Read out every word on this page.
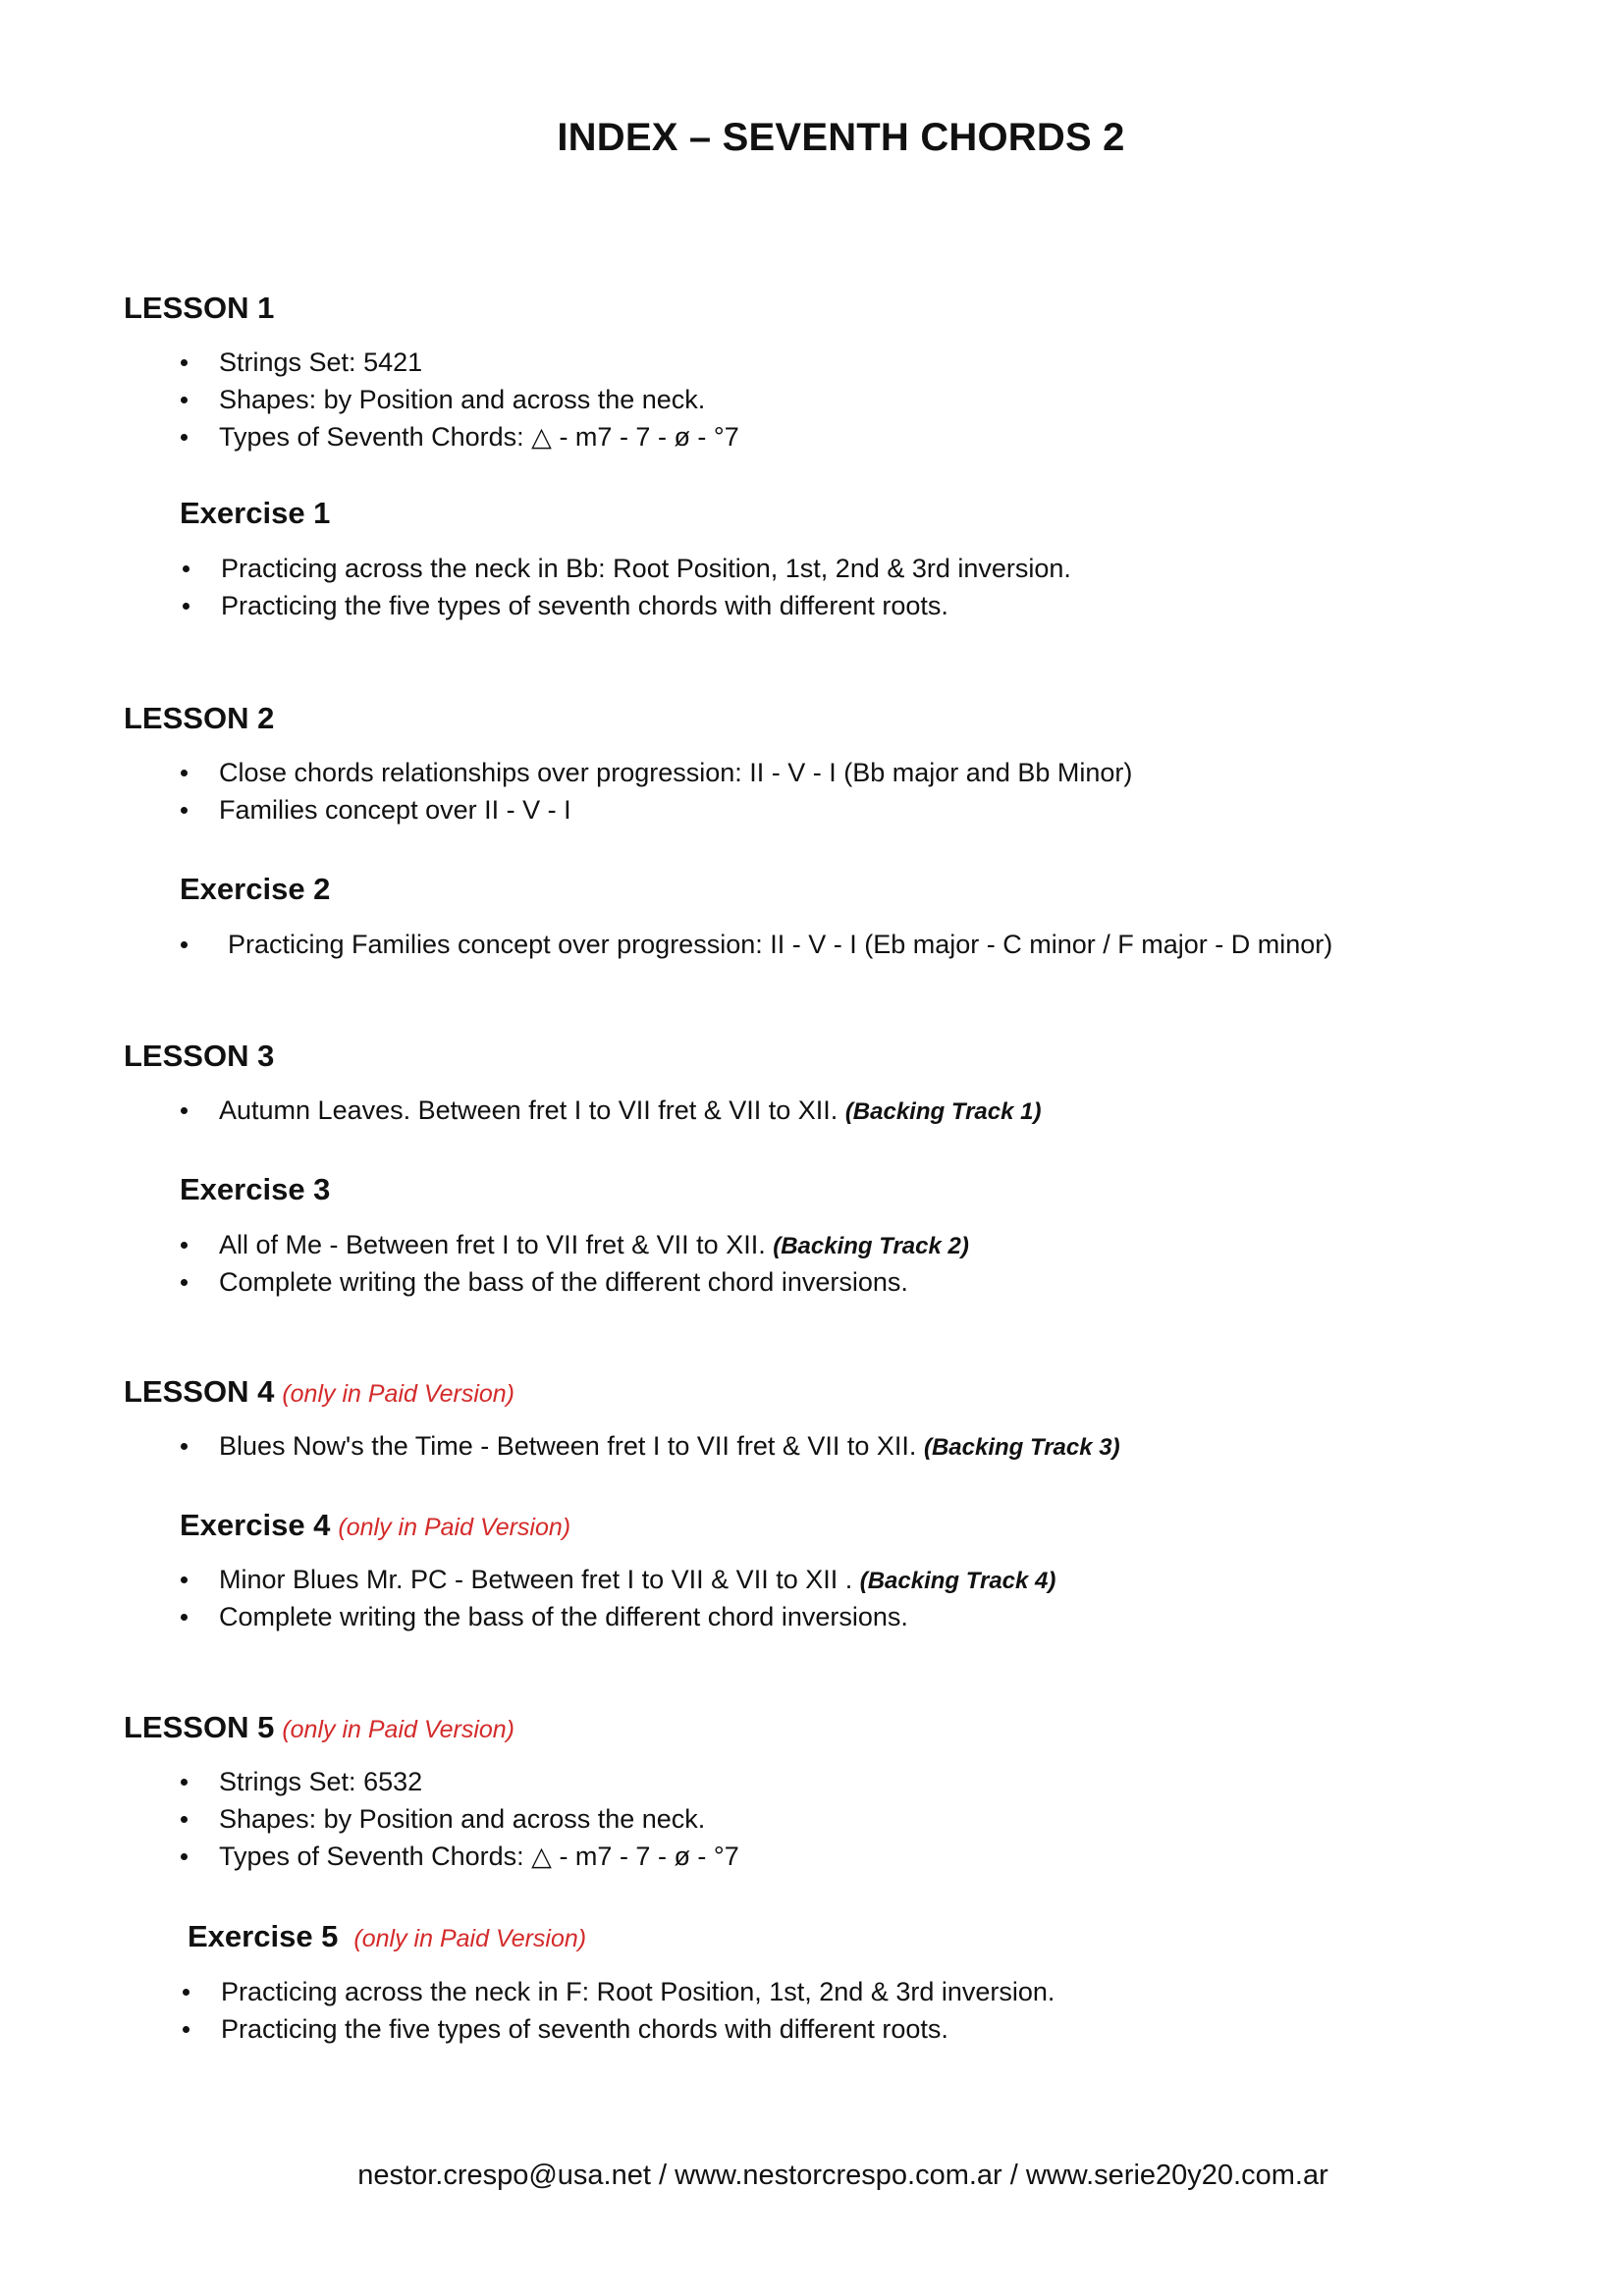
INDEX – SEVENTH CHORDS 2
LESSON 1
Strings Set: 5421
Shapes: by Position and across the neck.
Types of Seventh Chords: △ - m7 - 7 - ø - °7
Exercise 1
Practicing across the neck in Bb: Root Position, 1st, 2nd & 3rd inversion.
Practicing the five types of seventh chords with different roots.
LESSON 2
Close chords relationships over progression: II - V - I (Bb major and Bb Minor)
Families concept over II - V - I
Exercise 2
Practicing Families concept over progression: II - V - I (Eb major - C minor / F major - D minor)
LESSON 3
Autumn Leaves. Between fret I to VII fret & VII to XII. (Backing Track 1)
Exercise 3
All of Me - Between fret I to VII fret & VII to XII. (Backing Track 2)
Complete writing the bass of the different chord inversions.
LESSON 4 (only in Paid Version)
Blues Now's the Time - Between fret I to VII fret & VII to XII. (Backing Track 3)
Exercise 4 (only in Paid Version)
Minor Blues Mr. PC - Between fret I to VII & VII to XII . (Backing Track 4)
Complete writing the bass of the different chord inversions.
LESSON 5 (only in Paid Version)
Strings Set: 6532
Shapes: by Position and across the neck.
Types of Seventh Chords: △ - m7 - 7 - ø - °7
Exercise 5 (only in Paid Version)
Practicing across the neck in F: Root Position, 1st, 2nd & 3rd inversion.
Practicing the five types of seventh chords with different roots.
nestor.crespo@usa.net / www.nestorcrespo.com.ar / www.serie20y20.com.ar
